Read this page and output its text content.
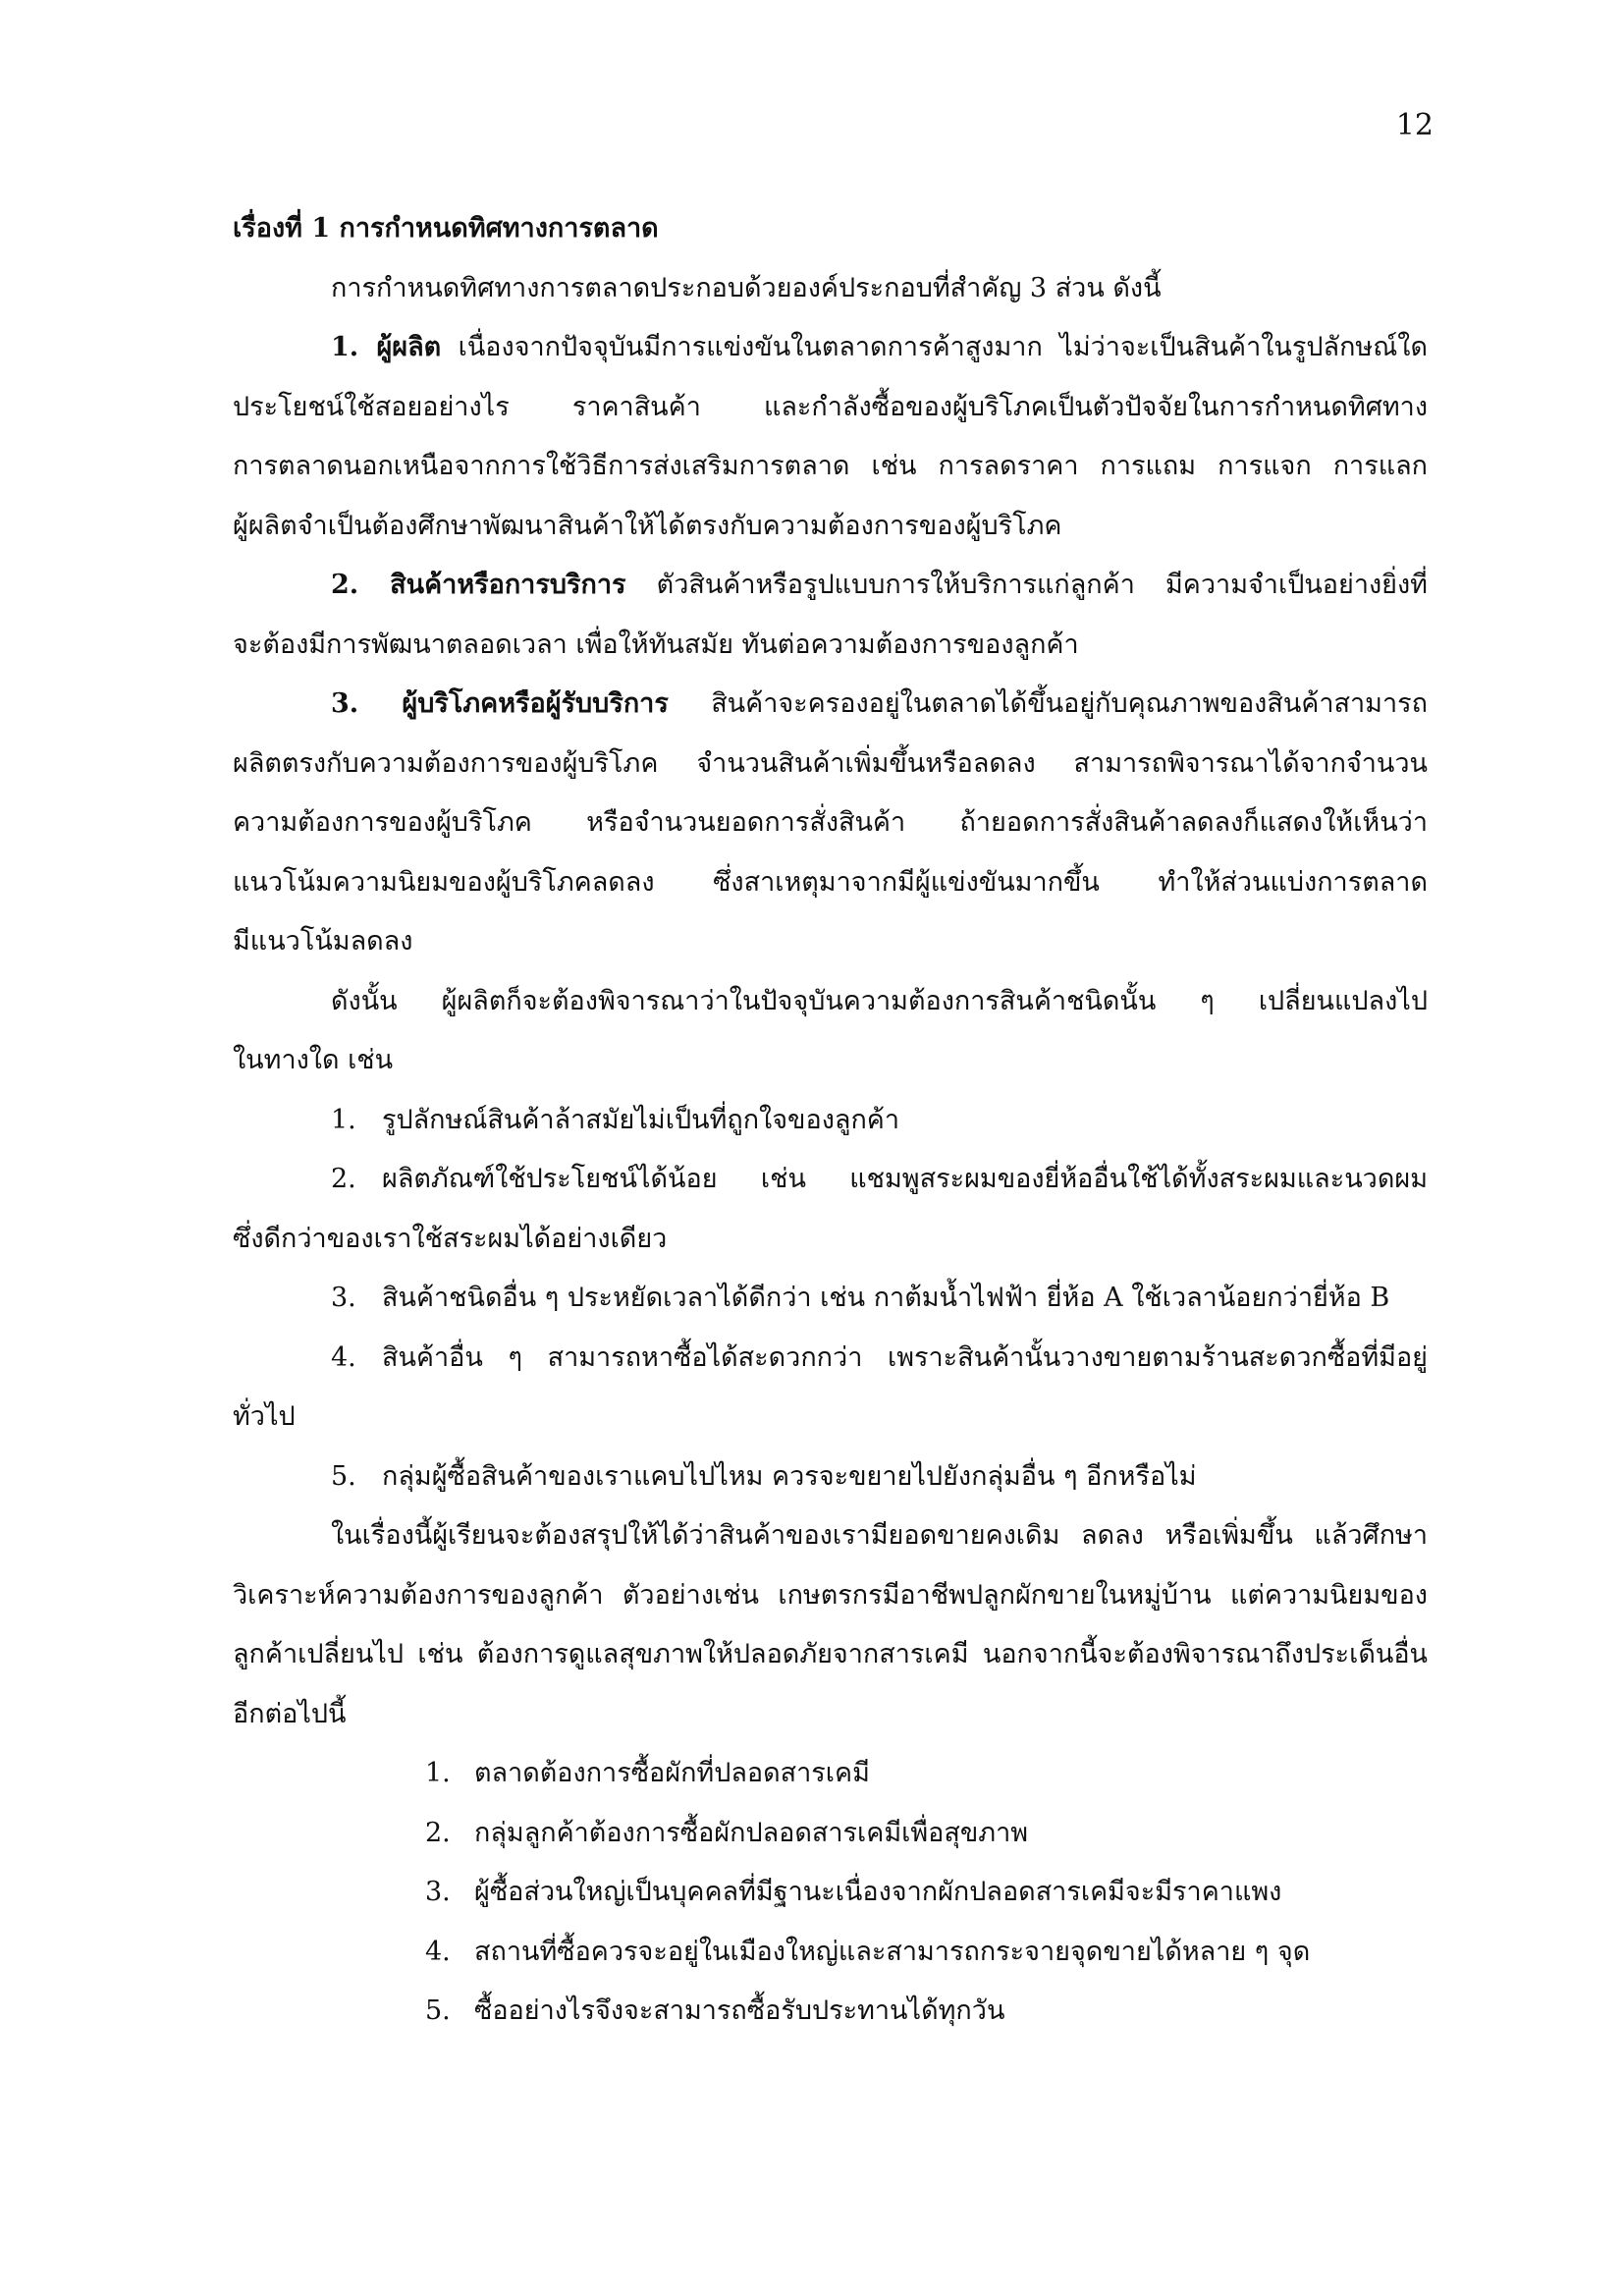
12
เรื่องที่ 1 การกำหนดทิศทางการตลาด
การกำหนดทิศทางการตลาดประกอบด้วยองค์ประกอบที่สำคัญ 3 ส่วน ดังนี้
1. ผู้ผลิต เนื่องจากปัจจุบันมีการแข่งขันในตลาดการค้าสูงมาก ไม่ว่าจะเป็นสินค้าในรูปลักษณ์ใด
ประโยชน์ใช้สอยอย่างไร ราคาสินค้า และกำลังซื้อของผู้บริโภคเป็นตัวปัจจัยในการกำหนดทิศทาง
การตลาดนอกเหนือจากการใช้วิธีการส่งเสริมการตลาด เช่น การลดราคา การแถม การแจก การแลก
ผู้ผลิตจำเป็นต้องศึกษาพัฒนาสินค้าให้ได้ตรงกับความต้องการของผู้บริโภค
2. สินค้าหรือการบริการ ตัวสินค้าหรือรูปแบบการให้บริการแก่ลูกค้า มีความจำเป็นอย่างยิ่งที่
จะต้องมีการพัฒนาตลอดเวลา เพื่อให้ทันสมัย ทันต่อความต้องการของลูกค้า
3. ผู้บริโภคหรือผู้รับบริการ สินค้าจะครองอยู่ในตลาดได้ขึ้นอยู่กับคุณภาพของสินค้าสามารถ
ผลิตตรงกับความต้องการของผู้บริโภค จำนวนสินค้าเพิ่มขึ้นหรือลดลง สามารถพิจารณาได้จากจำนวน
ความต้องการของผู้บริโภค หรือจำนวนยอดการสั่งสินค้า ถ้ายอดการสั่งสินค้าลดลงก็แสดงให้เห็นว่า
แนวโน้มความนิยมของผู้บริโภคลดลง ซึ่งสาเหตุมาจากมีผู้แข่งขันมากขึ้น ทำให้ส่วนแบ่งการตลาด
มีแนวโน้มลดลง
ดังนั้น ผู้ผลิตก็จะต้องพิจารณาว่าในปัจจุบันความต้องการสินค้าชนิดนั้น ๆ เปลี่ยนแปลงไป
ในทางใด เช่น
1. รูปลักษณ์สินค้าล้าสมัยไม่เป็นที่ถูกใจของลูกค้า
2. ผลิตภัณฑ์ใช้ประโยชน์ได้น้อย เช่น แชมพูสระผมของยี่ห้ออื่นใช้ได้ทั้งสระผมและนวดผม
ซึ่งดีกว่าของเราใช้สระผมได้อย่างเดียว
3. สินค้าชนิดอื่น ๆ ประหยัดเวลาได้ดีกว่า เช่น กาต้มน้ำไฟฟ้า ยี่ห้อ A ใช้เวลาน้อยกว่ายี่ห้อ B
4. สินค้าอื่น ๆ สามารถหาซื้อได้สะดวกกว่า เพราะสินค้านั้นวางขายตามร้านสะดวกซื้อที่มีอยู่
ทั่วไป
5. กลุ่มผู้ซื้อสินค้าของเราแคบไปไหม ควรจะขยายไปยังกลุ่มอื่น ๆ อีกหรือไม่
ในเรื่องนี้ผู้เรียนจะต้องสรุปให้ได้ว่าสินค้าของเรามียอดขายคงเดิม ลดลง หรือเพิ่มขึ้น แล้วศึกษา
วิเคราะห์ความต้องการของลูกค้า ตัวอย่างเช่น เกษตรกรมีอาชีพปลูกผักขายในหมู่บ้าน แต่ความนิยมของ
ลูกค้าเปลี่ยนไป เช่น ต้องการดูแลสุขภาพให้ปลอดภัยจากสารเคมี นอกจากนี้จะต้องพิจารณาถึงประเด็นอื่น
อีกต่อไปนี้
1. ตลาดต้องการซื้อผักที่ปลอดสารเคมี
2. กลุ่มลูกค้าต้องการซื้อผักปลอดสารเคมีเพื่อสุขภาพ
3. ผู้ซื้อส่วนใหญ่เป็นบุคคลที่มีฐานะเนื่องจากผักปลอดสารเคมีจะมีราคาแพง
4. สถานที่ซื้อควรจะอยู่ในเมืองใหญ่และสามารถกระจายจุดขายได้หลาย ๆ จุด
5. ซื้ออย่างไรจึงจะสามารถซื้อรับประทานได้ทุกวัน
